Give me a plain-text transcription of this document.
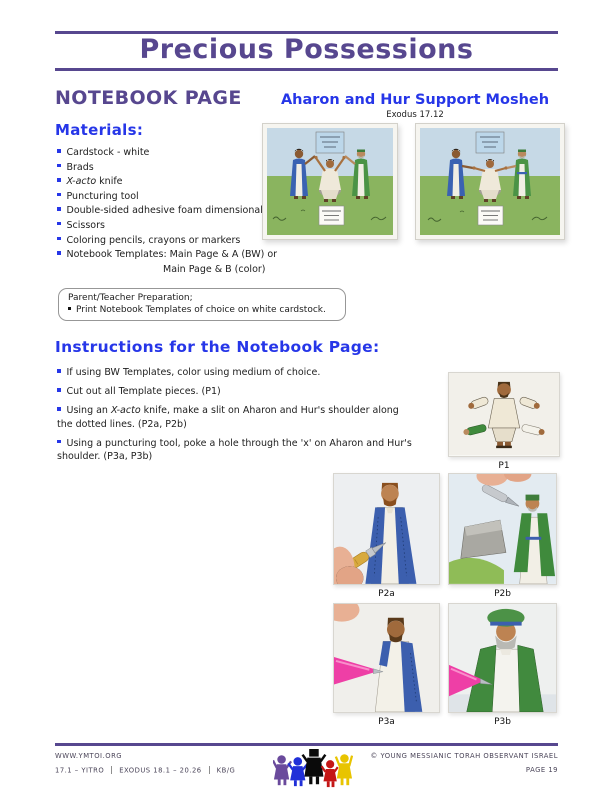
Precious Possessions
NOTEBOOK PAGE	Aharon and Hur Support Mosheh
Exodus 17.12
Materials:
Cardstock - white
Brads
X-acto knife
Puncturing tool
Double-sided adhesive foam dimensional
Scissors
Coloring pencils, crayons or markers
Notebook Templates: Main Page & A (BW) or
Main Page & B (color)
Parent/Teacher Preparation;
Print Notebook Templates of choice on white cardstock.
Instructions for the Notebook Page:
If using BW Templates, color using medium of choice.
Cut out all Template pieces. (P1)
Using an X-acto knife, make a slit on Aharon and Hur's shoulder along the dotted lines. (P2a, P2b)
Using a puncturing tool, poke a hole through the 'x' on Aharon and Hur's shoulder. (P3a, P3b)
P1
P2a	P2b
P3a	P3b
WWW.YMTOI.ORG
17.1 – YITRO EXODUS 18.1 – 20.26 KB/G
© YOUNG MESSIANIC TORAH OBSERVANT ISRAEL
PAGE 19
